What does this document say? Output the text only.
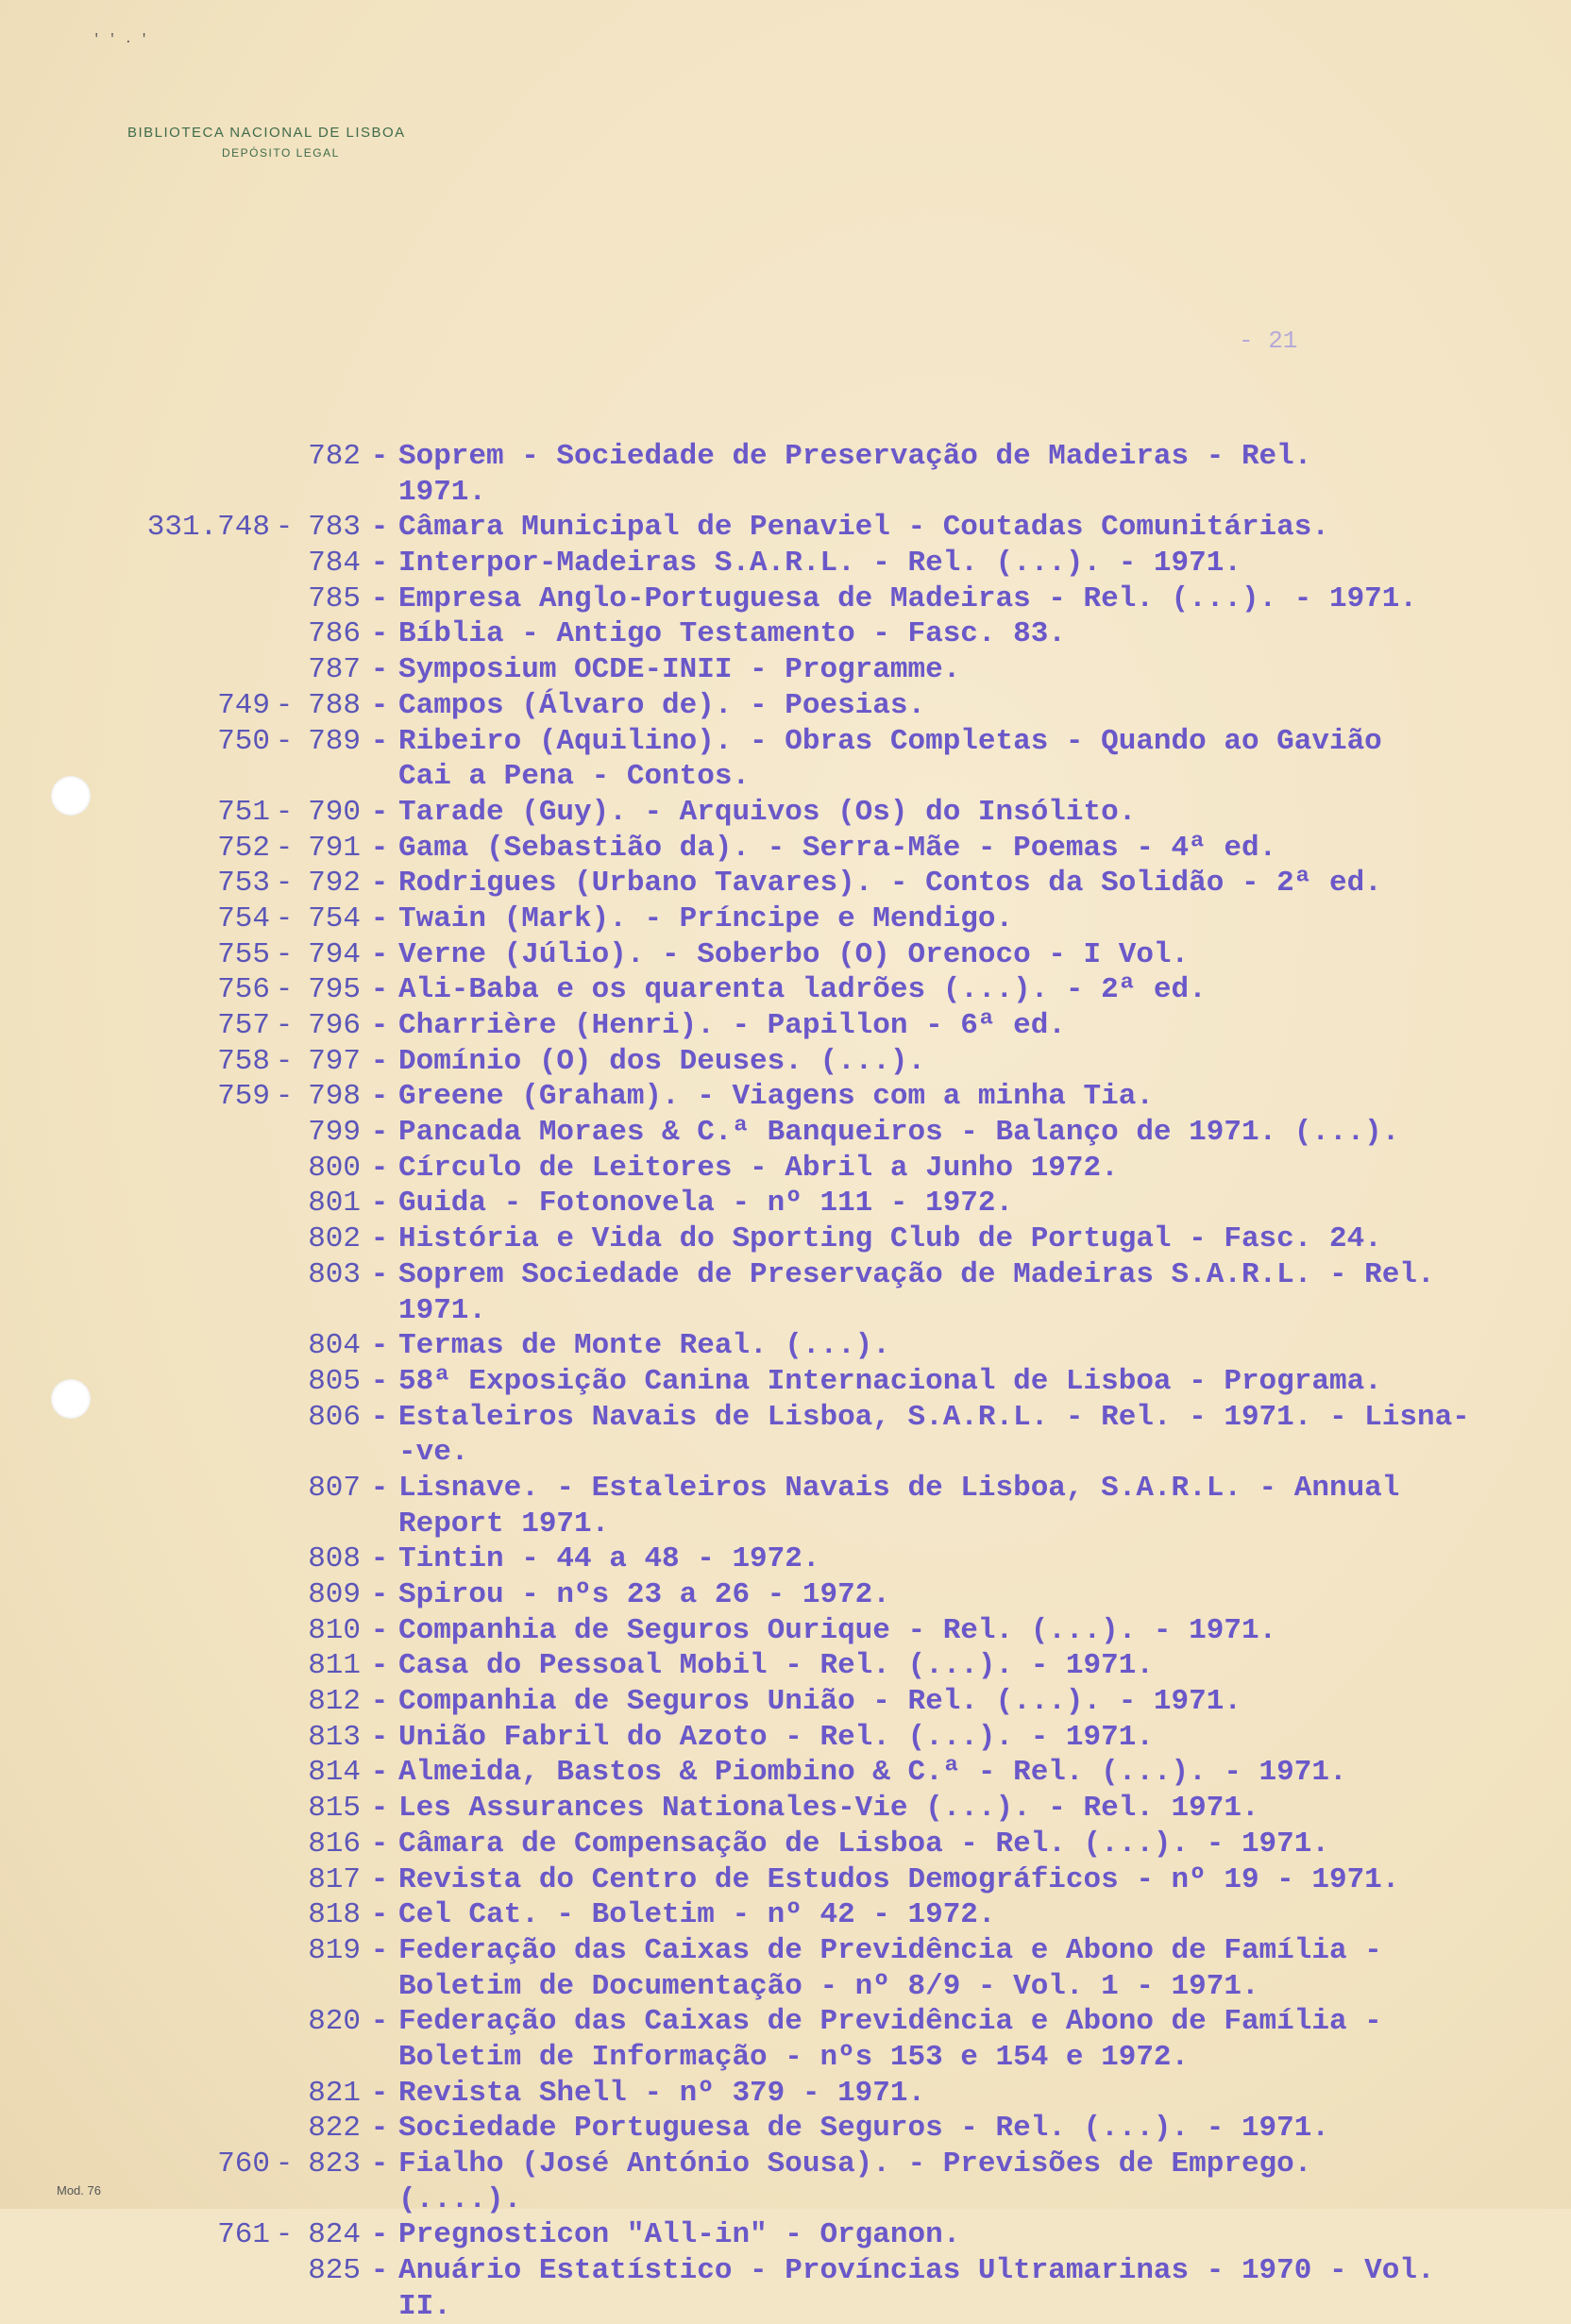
' ' . '
BIBLIOTECA NACIONAL DE LISBOA
DEPÓSITO LEGAL
- 21
782 - Soprem - Sociedade de Preservação de Madeiras - Rel.
1971.
331.748 - 783 - Câmara Municipal de Penaviel - Coutadas Comunitárias.
784 - Interpor-Madeiras S.A.R.L. - Rel. (...). - 1971.
785 - Empresa Anglo-Portuguesa de Madeiras - Rel. (...). - 1971.
786 - Bíblia - Antigo Testamento - Fasc. 83.
787 - Symposium OCDE-INII - Programme.
749 - 788 - Campos (Álvaro de). - Poesias.
750 - 789 - Ribeiro (Aquilino). - Obras Completas - Quando ao Gavião
Cai a Pena - Contos.
751 - 790 - Tarade (Guy). - Arquivos (Os) do Insólito.
752 - 791 - Gama (Sebastião da). - Serra-Mãe - Poemas - 4ª ed.
753 - 792 - Rodrigues (Urbano Tavares). - Contos da Solidão - 2ª ed.
754 - 754 - Twain (Mark). - Príncipe e Mendigo.
755 - 794 - Verne (Júlio). - Soberbo (O) Orenoco - I Vol.
756 - 795 - Ali-Baba e os quarenta ladrões (...). - 2ª ed.
757 - 796 - Charrière (Henri). - Papillon - 6ª ed.
758 - 797 - Domínio (O) dos Deuses. (...).
759 - 798 - Greene (Graham). - Viagens com a minha Tia.
799 - Pancada Moraes & C.ª Banqueiros - Balanço de 1971. (...).
800 - Círculo de Leitores - Abril a Junho 1972.
801 - Guida - Fotonovela - nº 111 - 1972.
802 - História e Vida do Sporting Club de Portugal - Fasc. 24.
803 - Soprem Sociedade de Preservação de Madeiras S.A.R.L. - Rel.
1971.
804 - Termas de Monte Real. (...).
805 - 58ª Exposição Canina Internacional de Lisboa - Programa.
806 - Estaleiros Navais de Lisboa, S.A.R.L. - Rel. - 1971. - Lisna-
-ve.
807 - Lisnave. - Estaleiros Navais de Lisboa, S.A.R.L. - Annual
Report 1971.
808 - Tintin - 44 a 48 - 1972.
809 - Spirou - nºs 23 a 26 - 1972.
810 - Companhia de Seguros Ourique - Rel. (...). - 1971.
811 - Casa do Pessoal Mobil - Rel. (...). - 1971.
812 - Companhia de Seguros União - Rel. (...). - 1971.
813 - União Fabril do Azoto - Rel. (...). - 1971.
814 - Almeida, Bastos & Piombino & C.ª - Rel. (...). - 1971.
815 - Les Assurances Nationales-Vie (...). - Rel. 1971.
816 - Câmara de Compensação de Lisboa - Rel. (...). - 1971.
817 - Revista do Centro de Estudos Demográficos - nº 19 - 1971.
818 - Cel Cat. - Boletim - nº 42 - 1972.
819 - Federação das Caixas de Previdência e Abono de Família -
Boletim de Documentação - nº 8/9 - Vol. 1 - 1971.
820 - Federação das Caixas de Previdência e Abono de Família -
Boletim de Informação - nºs 153 e 154 e 1972.
821 - Revista Shell - nº 379 - 1971.
822 - Sociedade Portuguesa de Seguros - Rel. (...). - 1971.
760 - 823 - Fialho (José António Sousa). - Previsões de Emprego.
(....).
761 - 824 - Pregnosticon "All-in" - Organon.
825 - Anuário Estatístico - Províncias Ultramarinas - 1970 - Vol.
II.
Mod. 76
